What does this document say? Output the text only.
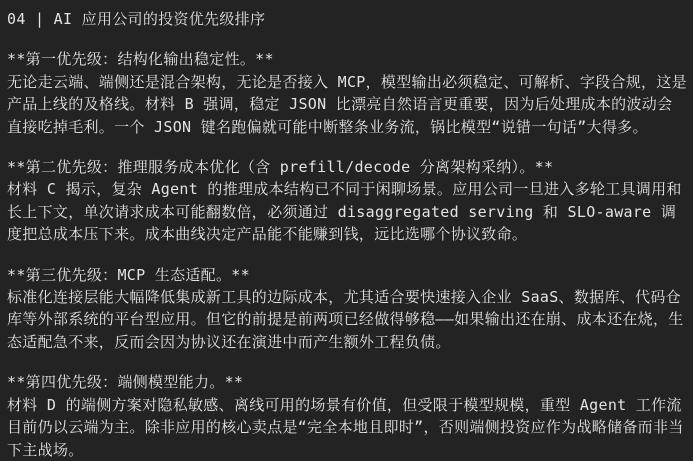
04 | AI 应用公司的投资优先级排序

**第一优先级：结构化输出稳定性。**

无论走云端、端侧还是混合架构，无论是否接入 MCP，模型输出必须稳定、可解析、字段合规，这是产品上线的及格线。材料 B 强调，稳定 JSON 比漂亮自然语言更重要，因为后处理成本的波动会直接吃掉毛利。一个 JSON 键名跑偏就可能中断整条业务流，锅比模型“说错一句话”大得多。

**第二优先级：推理服务成本优化（含 prefill/decode 分离架构采纳）。**

材料 C 揭示，复杂 Agent 的推理成本结构已不同于闲聊场景。应用公司一旦进入多轮工具调用和长上下文，单次请求成本可能翻数倍，必须通过 disaggregated serving 和 SLO-aware 调度把总成本压下来。成本曲线决定产品能不能赚到钱，远比选哪个协议致命。

**第三优先级：MCP 生态适配。**

标准化连接层能大幅降低集成新工具的边际成本，尤其适合要快速接入企业 SaaS、数据库、代码仓库等外部系统的平台型应用。但它的前提是前两项已经做得够稳——如果输出还在崩、成本还在烧，生态适配急不来，反而会因为协议还在演进中而产生额外工程负债。

**第四优先级：端侧模型能力。**

材料 D 的端侧方案对隐私敏感、离线可用的场景有价值，但受限于模型规模，重型 Agent 工作流目前仍以云端为主。除非应用的核心卖点是“完全本地且即时”，否则端侧投资应作为战略储备而非当下主战场。
